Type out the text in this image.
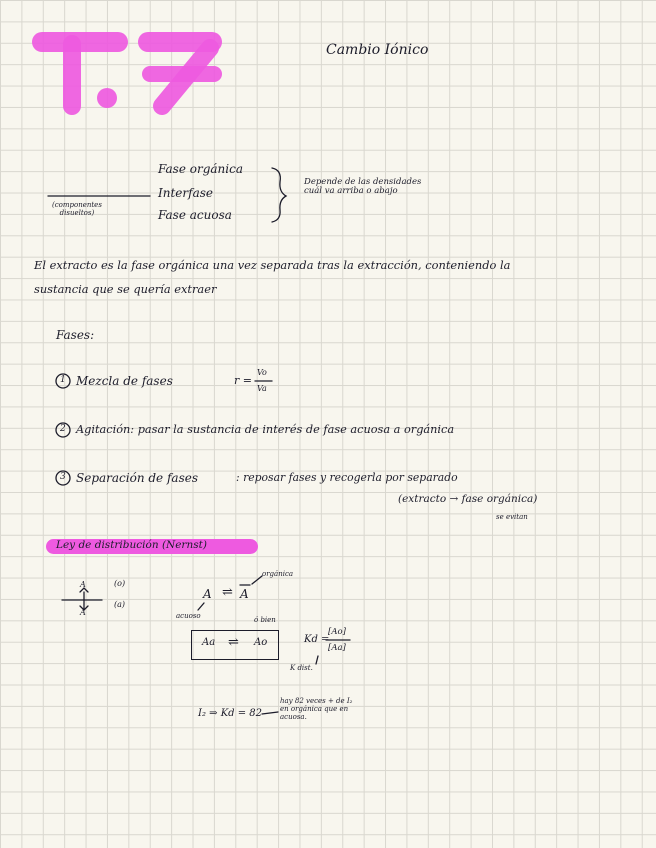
Cambio Iónico
Fase orgánica
Interfase
Fase acuosa
(componentes
disueltos)
Depende de las densidades
cuál va arriba o abajo
El extracto es la fase orgánica una vez separada tras la extracción, conteniendo la
sustancia que se quería extraer
Fases:
1
2
3
Mezcla de fases	r =
Vo
Va
Agitación: pasar la sustancia de interés de fase acuosa a orgánica
Separación de fases	: reposar fases y recogerla por separado
(extracto → fase orgánica)
se evitan
Ley de distribución (Nernst)
(o)
(a)
A
A
A ⇌ A
orgánica
acuoso	ó bien
Aa ⇌ Ao	Kd =
[Ao]
[Aa]
K dist.
I₂ ⇒ Kd = 82
hay 82 veces + de I₂
en orgánica que en
acuosa.
